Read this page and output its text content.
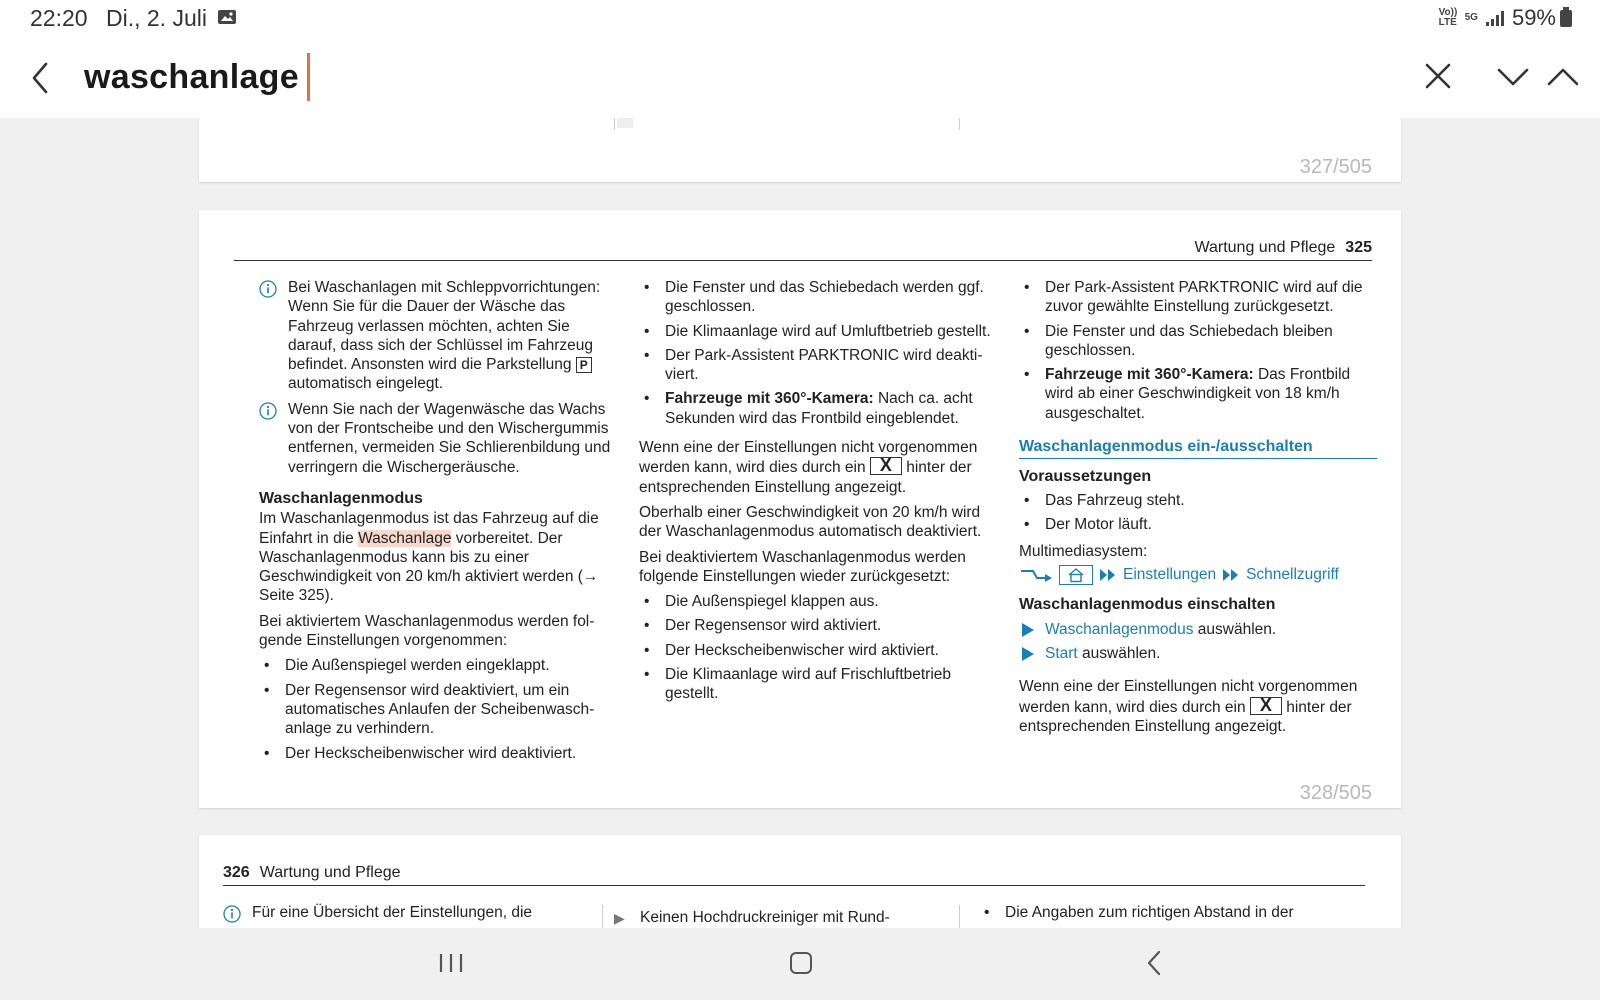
22:20 Di., 2. Juli	Vo)) LTE 5G 59%
waschanlage
327/505
Wartung und Pflege 325
Bei Waschanlagen mit Schleppvorrichtungen: Wenn Sie für die Dauer der Wäsche das Fahrzeug verlassen möchten, achten Sie darauf, dass sich der Schlüssel im Fahrzeug befindet. Ansonsten wird die Parkstellung P automatisch eingelegt.
Wenn Sie nach der Wagenwäsche das Wachs von der Frontscheibe und den Wischergummis entfernen, vermeiden Sie Schlierenbildung und verringern die Wischergeräusche.
Waschanlagenmodus

Im Waschanlagenmodus ist das Fahrzeug auf die Einfahrt in die Waschanlage vorbereitet. Der Waschanlagenmodus kann bis zu einer Geschwindigkeit von 20 km/h aktiviert werden (→ Seite 325).

Bei aktiviertem Waschanlagenmodus werden folgende Einstellungen vorgenommen:

• Die Außenspiegel werden eingeklappt.
• Der Regensensor wird deaktiviert, um ein automatisches Anlaufen der Scheibenwaschanlage zu verhindern.
• Der Heckscheibenwischer wird deaktiviert.
• Die Fenster und das Schiebedach werden ggf. geschlossen.
• Die Klimaanlage wird auf Umluftbetrieb gestellt.
• Der Park-Assistent PARKTRONIC wird deaktiviert.
• Fahrzeuge mit 360°-Kamera: Nach ca. acht Sekunden wird das Frontbild eingeblendet.

Wenn eine der Einstellungen nicht vorgenommen werden kann, wird dies durch ein X hinter der entsprechenden Einstellung angezeigt.

Oberhalb einer Geschwindigkeit von 20 km/h wird der Waschanlagenmodus automatisch deaktiviert.

Bei deaktiviertem Waschanlagenmodus werden folgende Einstellungen wieder zurückgesetzt:

• Die Außenspiegel klappen aus.
• Der Regensensor wird aktiviert.
• Der Heckscheibenwischer wird aktiviert.
• Die Klimaanlage wird auf Frischluftbetrieb gestellt.
• Der Park-Assistent PARKTRONIC wird auf die zuvor gewählte Einstellung zurückgesetzt.
• Die Fenster und das Schiebedach bleiben geschlossen.
• Fahrzeuge mit 360°-Kamera: Das Frontbild wird ab einer Geschwindigkeit von 18 km/h ausgeschaltet.
Waschanlagenmodus ein-/ausschalten
Voraussetzungen
• Das Fahrzeug steht.
• Der Motor läuft.
Multimediasystem:
Einstellungen Schnellzugriff
Waschanlagenmodus einschalten
Waschanlagenmodus auswählen.
Start auswählen.

Wenn eine der Einstellungen nicht vorgenommen werden kann, wird dies durch ein X hinter der entsprechenden Einstellung angezeigt.

328/505
326 Wartung und Pflege
Für eine Übersicht der Einstellungen, die	▶ Keinen Hochdruckreiniger mit Rund-
•	Die Angaben zum richtigen Abstand in der
